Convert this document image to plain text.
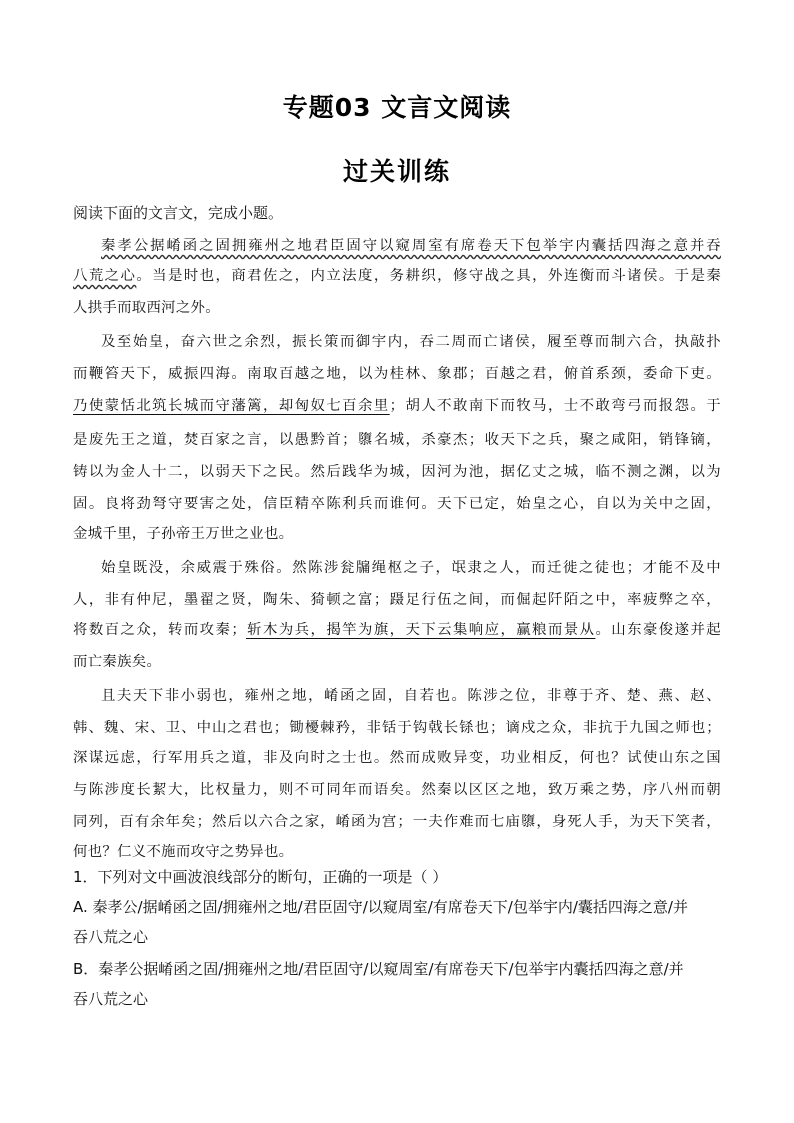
专题03 文言文阅读
过关训练
阅读下面的文言文，完成小题。
秦孝公据崤函之固拥雍州之地君臣固守以窥周室有席卷天下包举宇内囊括四海之意并吞
八荒之心。当是时也，商君佐之，内立法度，务耕织，修守战之具，外连衡而斗诸侯。于是秦
人拱手而取西河之外。
及至始皇，奋六世之余烈，振长策而御宇内，吞二周而亡诸侯，履至尊而制六合，执敲扑
而鞭笞天下，威振四海。南取百越之地，以为桂林、象郡；百越之君，俯首系颈，委命下吏。
乃使蒙恬北筑长城而守藩篱，却匈奴七百余里；胡人不敢南下而牧马，士不敢弯弓而报怨。于
是废先王之道，焚百家之言，以愚黔首；隳名城，杀豪杰；收天下之兵，聚之咸阳，销锋镝，
铸以为金人十二，以弱天下之民。然后践华为城，因河为池，据亿丈之城，临不测之渊，以为
固。良将劲弩守要害之处，信臣精卒陈利兵而谁何。天下已定，始皇之心，自以为关中之固，
金城千里，子孙帝王万世之业也。
始皇既没，余威震于殊俗。然陈涉瓮牖绳枢之子，氓隶之人，而迁徙之徒也；才能不及中
人，非有仲尼，墨翟之贤，陶朱、猗顿之富；蹑足行伍之间，而倔起阡陌之中，率疲弊之卒，
将数百之众，转而攻秦；斩木为兵，揭竿为旗，天下云集响应，赢粮而景从。山东豪俊遂并起
而亡秦族矣。
且夫天下非小弱也，雍州之地，崤函之固，自若也。陈涉之位，非尊于齐、楚、燕、赵、
韩、魏、宋、卫、中山之君也；锄櫌棘矜，非铦于钩戟长铩也；谪戍之众，非抗于九国之师也；
深谋远虑，行军用兵之道，非及向时之士也。然而成败异变，功业相反，何也？试使山东之国
与陈涉度长絜大，比权量力，则不可同年而语矣。然秦以区区之地，致万乘之势，序八州而朝
同列，百有余年矣；然后以六合之家，崤函为宫；一夫作难而七庙隳，身死人手，为天下笑者，
何也？仁义不施而攻守之势异也。
1．下列对文中画波浪线部分的断句，正确的一项是（ ）
A. 秦孝公/据崤函之固/拥雍州之地/君臣固守/以窥周室/有席卷天下/包举宇内/囊括四海之意/并
吞八荒之心
B．秦孝公据崤函之固/拥雍州之地/君臣固守/以窥周室/有席卷天下/包举宇内囊括四海之意/并
吞八荒之心
